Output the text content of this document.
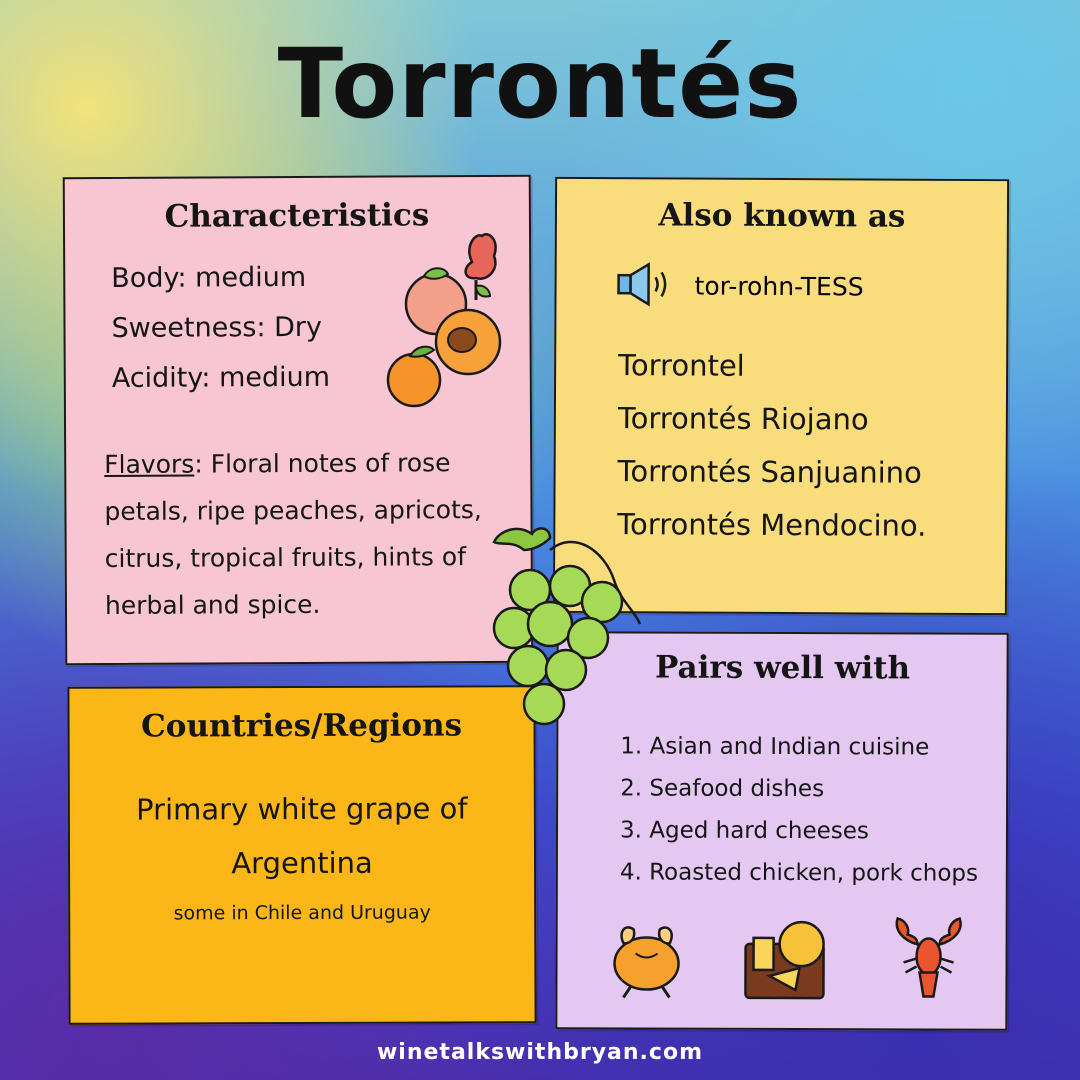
Torrontés
Characteristics
Body: medium
Sweetness: Dry
Acidity: medium
Flavors: Floral notes of rose petals, ripe peaches, apricots, citrus, tropical fruits, hints of herbal and spice.
Also known as
tor-rohn-TESS
Torrontel
Torrontés Riojano
Torrontés Sanjuanino
Torrontés Mendocino.
Countries/Regions
Primary white grape of
Argentina
some in Chile and Uruguay
Pairs well with
1. Asian and Indian cuisine
2. Seafood dishes
3. Aged hard cheeses
4. Roasted chicken, pork chops
winetalkswithbryan.com
